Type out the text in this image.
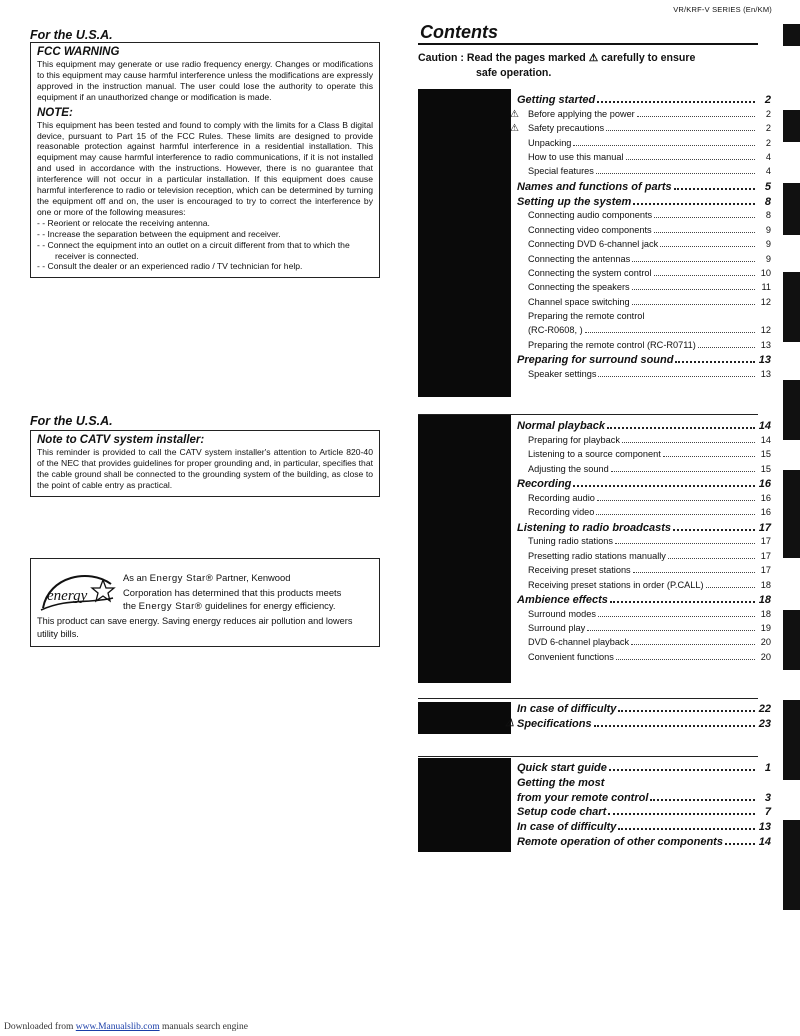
VR/KRF-V SERIES (En/KM)
For the U.S.A.
FCC WARNING

This equipment may generate or use radio frequency energy. Changes or modifications to this equipment may cause harmful interference unless the modifications are expressly approved in the instruction manual. The user could lose the authority to operate this equipment if an unauthorized change or modification is made.

NOTE:

This equipment has been tested and found to comply with the limits for a Class B digital device, pursuant to Part 15 of the FCC Rules. These limits are designed to provide reasonable protection against harmful interference in a residential installation. This equipment may cause harmful interference to radio communications, if it is not installed and used in accordance with the instructions. However, there is no guarantee that interference will not occur in a particular installation. If this equipment does cause harmful interference to radio or television reception, which can be determined by turning the equipment off and on, the user is encouraged to try to correct the interference by one or more of the following measures:

- - Reorient or relocate the receiving antenna.
- - Increase the separation between the equipment and receiver.
- - Connect the equipment into an outlet on a circuit different from that to which the receiver is connected.
- - Consult the dealer or an experienced radio / TV technician for help.
For the U.S.A.
Note to CATV system installer:

This reminder is provided to call the CATV system installer's attention to Article 820-40 of the NEC that provides guidelines for proper grounding and, in particular, specifies that the cable ground shall be connected to the grounding system of the building, as close to the point of cable entry as practical.

energy
As an Energy Star® Partner, Kenwood
Corporation has determined that this products meets
the Energy Star® guidelines for energy efficiency.

This product can save energy. Saving energy reduces air pollution and lowers utility bills.

Contents
Caution : Read the pages marked ⚠ carefully to ensure
safe operation.
Getting started	2
⚠ Before applying the power	2
⚠ Safety precautions	2
Unpacking	2
How to use this manual	4
Special features	4
Names and functions of parts	5
Setting up the system	8
Connecting audio components	8
Connecting video components	9
Connecting DVD 6-channel jack	9
Connecting the antennas	9
Connecting the system control	10
Connecting the speakers	11
Channel space switching	12
Preparing the remote control
(RC-R0608, )	12
Preparing the remote control (RC-R0711)	13
Preparing for surround sound	13
Speaker settings	13
Normal playback	14
Preparing for playback	14
Listening to a source component	15
Adjusting the sound	15
Recording	16
Recording audio	16
Recording video	16
Listening to radio broadcasts	17
Tuning radio stations	17
Presetting radio stations manually	17
Receiving preset stations	17
Receiving preset stations in order (P.CALL)	18
Ambience effects	18
Surround modes	18
Surround play	19
DVD 6-channel playback	20
Convenient functions	20
In case of difficulty	22
⚠ Specifications	23
Quick start guide	1
Getting the most
from your remote control	3
Setup code chart	7
In case of difficulty	13
Remote operation of other components	14
Downloaded from www.Manualslib.com manuals search engine
